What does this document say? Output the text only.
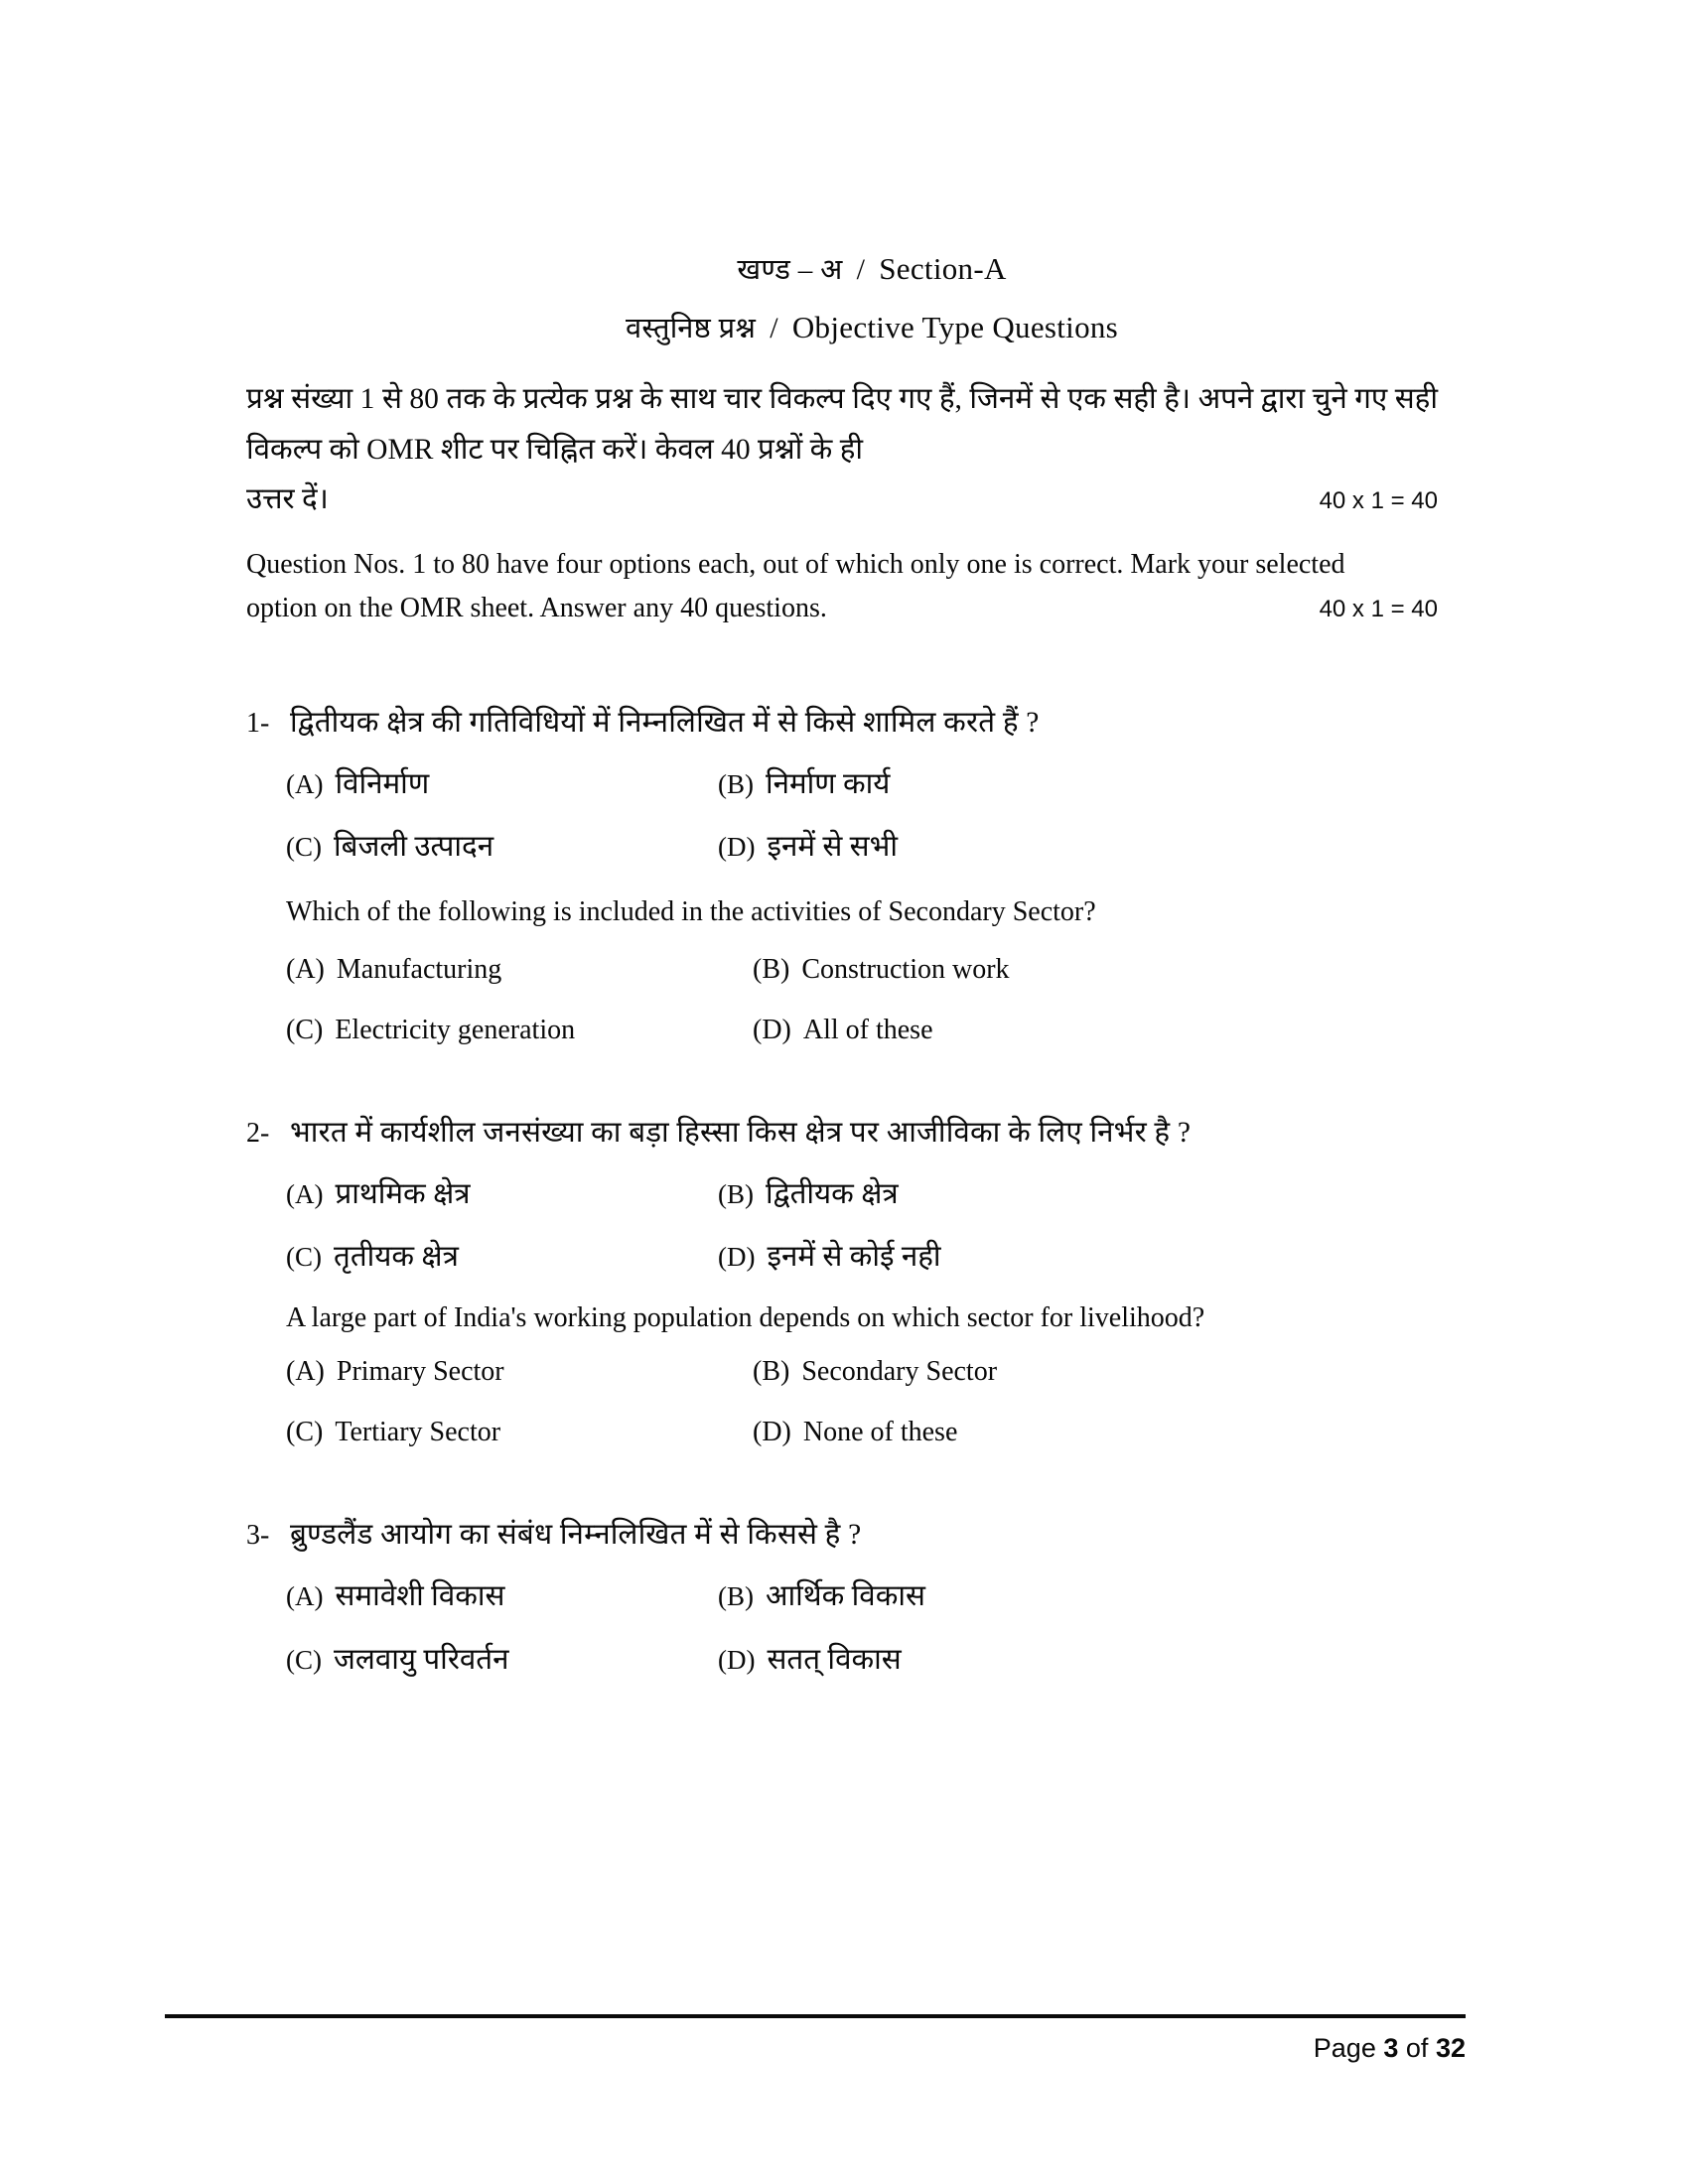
खण्ड – अ / Section-A
वस्तुनिष्ठ प्रश्न / Objective Type Questions
प्रश्न संख्या 1 से 80 तक के प्रत्येक प्रश्न के साथ चार विकल्प दिए गए हैं, जिनमें से एक सही है। अपने द्वारा चुने गए सही विकल्प को OMR शीट पर चिह्नित करें। केवल 40 प्रश्नों के ही
उत्तर दें।	40 x 1 = 40
Question Nos. 1 to 80 have four options each, out of which only one is correct. Mark your selected
option on the OMR sheet. Answer any 40 questions.	40 x 1 = 40
1- द्वितीयक क्षेत्र की गतिविधियों में निम्नलिखित में से किसे शामिल करते हैं ?
(A) विनिर्माण	(B) निर्माण कार्य
(C) बिजली उत्पादन	(D) इनमें से सभी
Which of the following is included in the activities of Secondary Sector?
(A) Manufacturing	(B) Construction work
(C) Electricity generation	(D) All of these
2- भारत में कार्यशील जनसंख्या का बड़ा हिस्सा किस क्षेत्र पर आजीविका के लिए निर्भर है ?
(A) प्राथमिक क्षेत्र	(B) द्वितीयक क्षेत्र
(C) तृतीयक क्षेत्र	(D) इनमें से कोई नही
A large part of India's working population depends on which sector for livelihood?
(A) Primary Sector	(B) Secondary Sector
(C) Tertiary Sector	(D) None of these
3- ब्रुण्डलैंड आयोग का संबंध निम्नलिखित में से किससे है ?
(A) समावेशी विकास	(B) आर्थिक विकास
(C) जलवायु परिवर्तन	(D) सतत् विकास
Page 3 of 32
